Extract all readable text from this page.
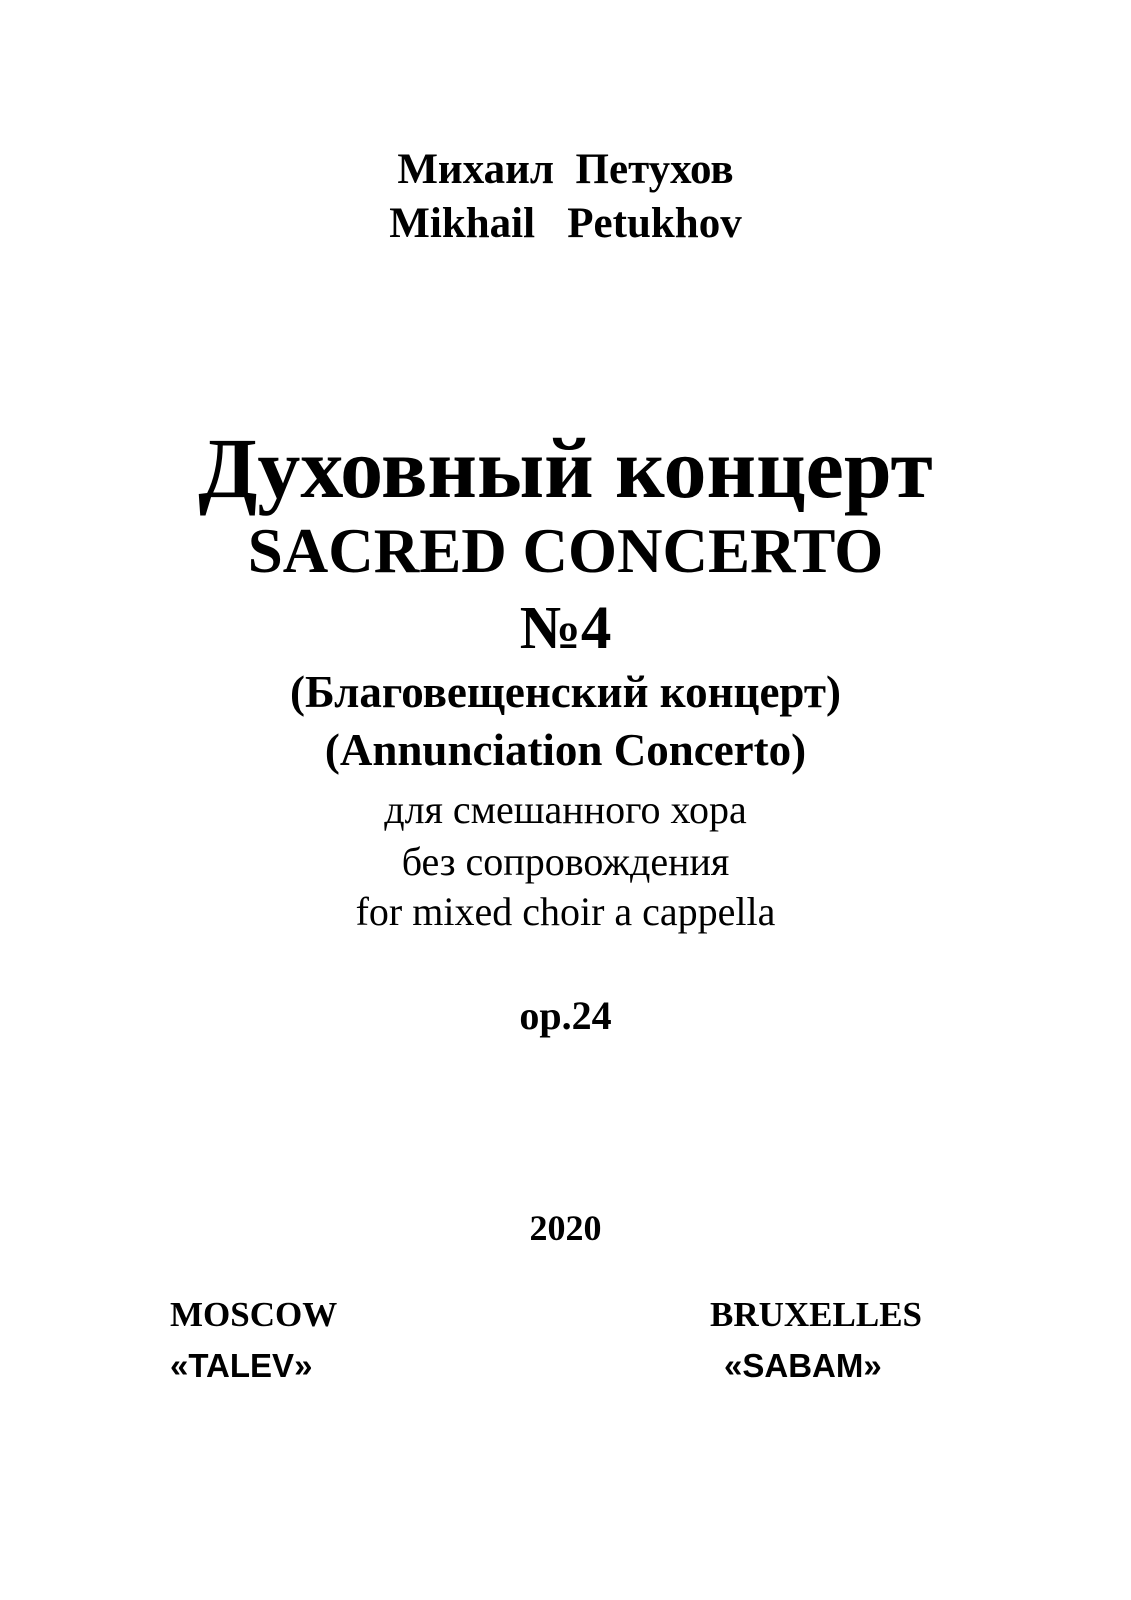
Михаил  Петухов
Mikhail   Petukhov
Духовный концерт
SACRED CONCERTO
№4
(Благовещенский концерт)
(Annunciation Concerto)
для смешанного хора
без сопровождения
for mixed choir a cappella
op.24
2020
MOSCOW
«TALEV»
BRUXELLES
«SABAM»
